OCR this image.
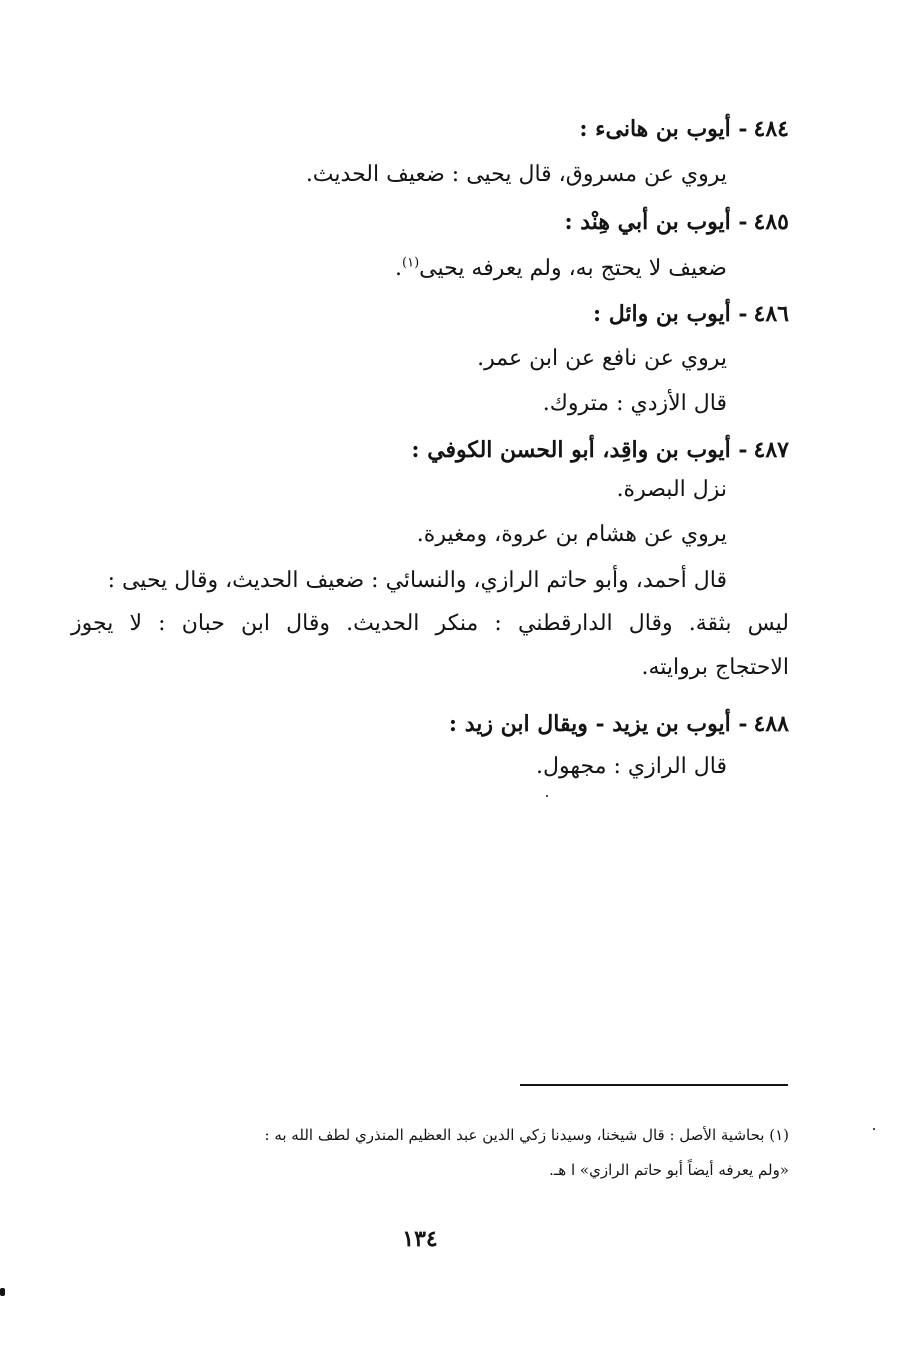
٤٨٤- أيوب بن هانىء :
يروي عن مسروق، قال يحيى : ضعيف الحديث.
٤٨٥- أيوب بن أبي هِنْد :
ضعيف لا يحتج به، ولم يعرفه يحيى$^{(١)}$.
٤٨٦- أيوب بن وائل :
يروي عن نافع عن ابن عمر.
قال الأزدي : متروك.
٤٨٧- أيوب بن واقِد، أبو الحسن الكوفي :
نزل البصرة.
يروي عن هشام بن عروة، ومغيرة.
قال أحمد، وأبو حاتم الرازي، والنسائي : ضعيف الحديث، وقال يحيى :
ليس بثقة. وقال الدارقطني : منكر الحديث. وقال ابن حبان : لا يجوز
الاحتجاج بروايته.
٤٨٨- أيوب بن يزيد - ويقال ابن زيد :
قال الرازي : مجهول.
(١) بحاشية الأصل : قال شيخنا، وسيدنا زكي الدين عبد العظيم المنذري لطف الله به :
«ولم يعرفه أيضاً أبو حاتم الرازي» ا هـ.
١٣٤
